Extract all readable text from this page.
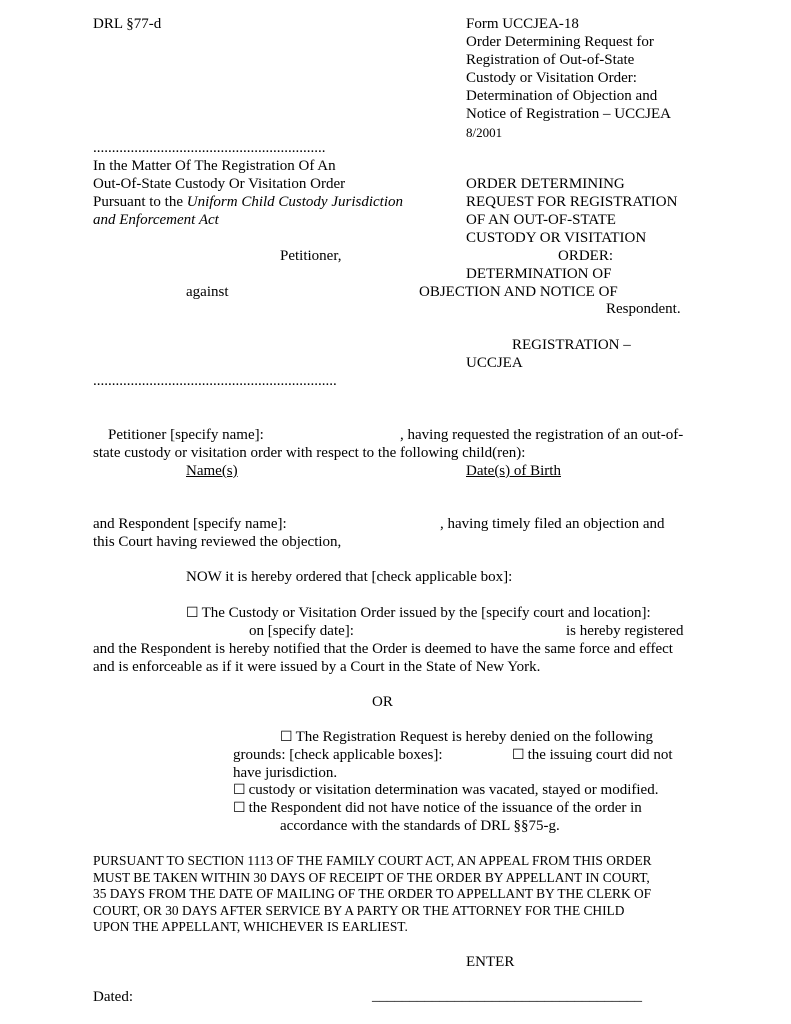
DRL §77-d	Form UCCJEA-18
Order Determining Request for
Registration of Out-of-State
Custody or Visitation Order:
Determination of Objection and
Notice of Registration – UCCJEA
8/2001
..............................................................
In the Matter Of The Registration Of An
Out-Of-State Custody Or Visitation Order
Pursuant to the Uniform Child Custody Jurisdiction
and Enforcement Act
Petitioner,
against
Respondent.
.................................................................
ORDER DETERMINING
REQUEST FOR REGISTRATION
OF AN OUT-OF-STATE
CUSTODY OR VISITATION
ORDER:
DETERMINATION OF
OBJECTION AND NOTICE OF
REGISTRATION –
UCCJEA
Petitioner [specify name]:	, having requested the registration of an out-of-
state custody or visitation order with respect to the following child(ren):
Name(s)	Date(s) of Birth
and Respondent [specify name]:	, having timely filed an objection and
this Court having reviewed the objection,
NOW it is hereby ordered that [check applicable box]:
☐ The Custody or Visitation Order issued by the [specify court and location]:
on [specify date]:	is hereby registered
and the Respondent is hereby notified that the Order is deemed to have the same force and effect
and is enforceable as if it were issued by a Court in the State of New York.
OR
☐ The Registration Request is hereby denied on the following
grounds: [check applicable boxes]:	☐ the issuing court did not
have jurisdiction.
☐ custody or visitation determination was vacated, stayed or modified.
☐ the Respondent did not have notice of the issuance of the order in
accordance with the standards of DRL §§75-g.
PURSUANT TO SECTION 1113 OF THE FAMILY COURT ACT, AN APPEAL FROM THIS ORDER
MUST BE TAKEN WITHIN 30 DAYS OF RECEIPT OF THE ORDER BY APPELLANT IN COURT,
35 DAYS FROM THE DATE OF MAILING OF THE ORDER TO APPELLANT BY THE CLERK OF
COURT, OR 30 DAYS AFTER SERVICE BY A PARTY OR THE ATTORNEY FOR THE CHILD
UPON THE APPELLANT, WHICHEVER IS EARLIEST.
ENTER
Dated:	____________________________________
